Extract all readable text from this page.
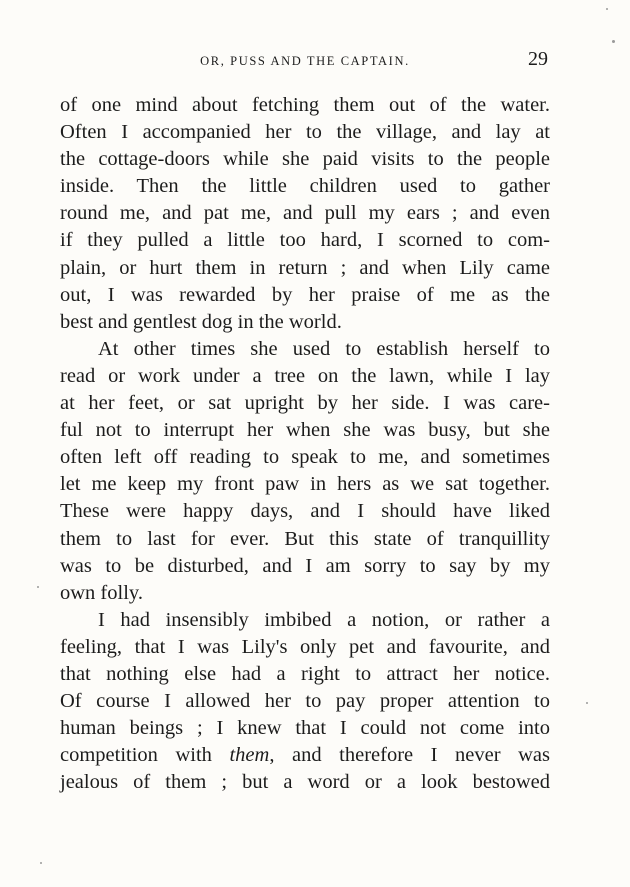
OR, PUSS AND THE CAPTAIN.	29
of one mind about fetching them out of the water.
Often I accompanied her to the village, and lay at
the cottage-doors while she paid visits to the people
inside. Then the little children used to gather
round me, and pat me, and pull my ears ; and even
if they pulled a little too hard, I scorned to com-
plain, or hurt them in return ; and when Lily came
out, I was rewarded by her praise of me as the
best and gentlest dog in the world.
At other times she used to establish herself to
read or work under a tree on the lawn, while I lay
at her feet, or sat upright by her side. I was care-
ful not to interrupt her when she was busy, but she
often left off reading to speak to me, and sometimes
let me keep my front paw in hers as we sat together.
These were happy days, and I should have liked
them to last for ever. But this state of tranquillity
was to be disturbed, and I am sorry to say by my
own folly.
I had insensibly imbibed a notion, or rather a
feeling, that I was Lily's only pet and favourite, and
that nothing else had a right to attract her notice.
Of course I allowed her to pay proper attention to
human beings ; I knew that I could not come into
competition with them, and therefore I never was
jealous of them ; but a word or a look bestowed
